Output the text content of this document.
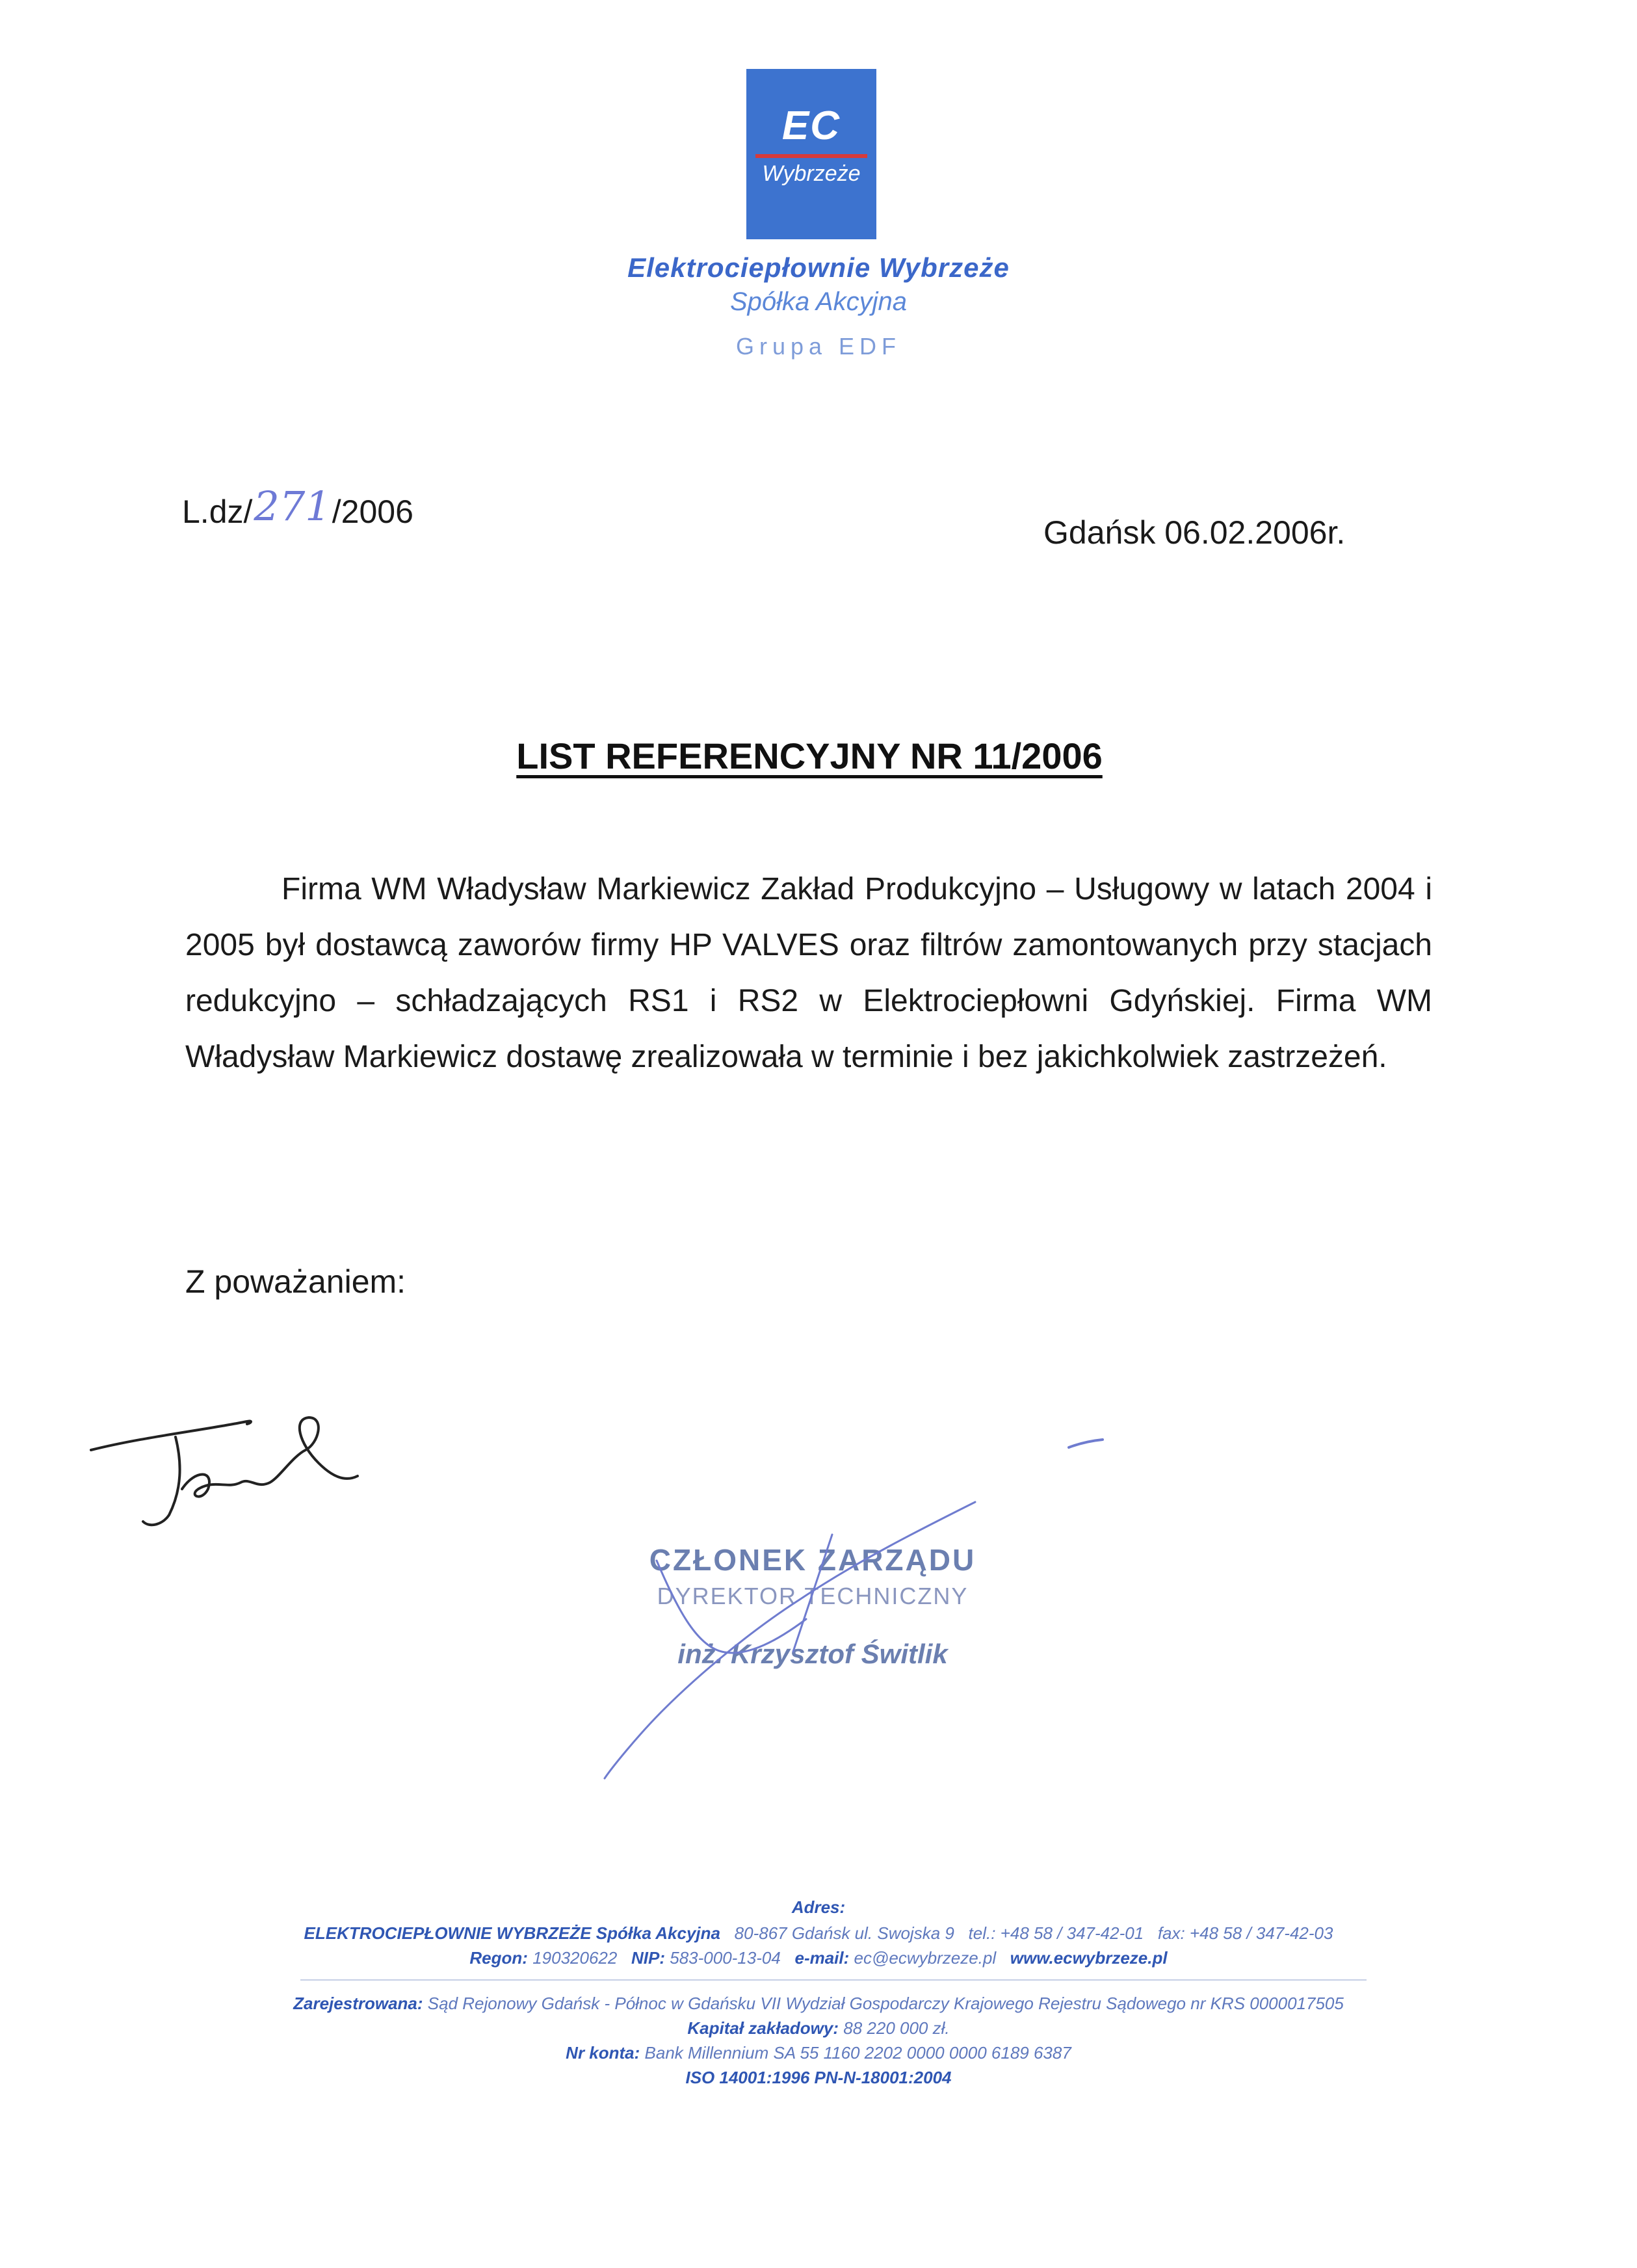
EC
Wybrzeże
Elektrociepłownie Wybrzeże
Spółka Akcyjna
Grupa EDF
L.dz/271/2006
Gdańsk 06.02.2006r.
LIST REFERENCYJNY NR 11/2006
Firma WM Władysław Markiewicz Zakład Produkcyjno – Usługowy w latach 2004 i 2005 był dostawcą zaworów firmy HP VALVES oraz filtrów zamontowanych przy stacjach redukcyjno – schładzających RS1 i RS2 w Elektrociepłowni Gdyńskiej. Firma WM Władysław Markiewicz dostawę zrealizowała w terminie i bez jakichkolwiek zastrzeżeń.
Z poważaniem:
CZŁONEK ZARZĄDU
DYREKTOR TECHNICZNY
inż. Krzysztof Świtlik
Adres:
ELEKTROCIEPŁOWNIE WYBRZEŻE Spółka Akcyjna 80-867 Gdańsk ul. Swojska 9 tel.: +48 58 / 347-42-01 fax: +48 58 / 347-42-03
Regon: 190320622 NIP: 583-000-13-04 e-mail: ec@ecwybrzeze.pl www.ecwybrzeze.pl
Zarejestrowana: Sąd Rejonowy Gdańsk - Północ w Gdańsku VII Wydział Gospodarczy Krajowego Rejestru Sądowego nr KRS 0000017505
Kapitał zakładowy: 88 220 000 zł.
Nr konta: Bank Millennium SA 55 1160 2202 0000 0000 6189 6387
ISO 14001:1996 PN-N-18001:2004
